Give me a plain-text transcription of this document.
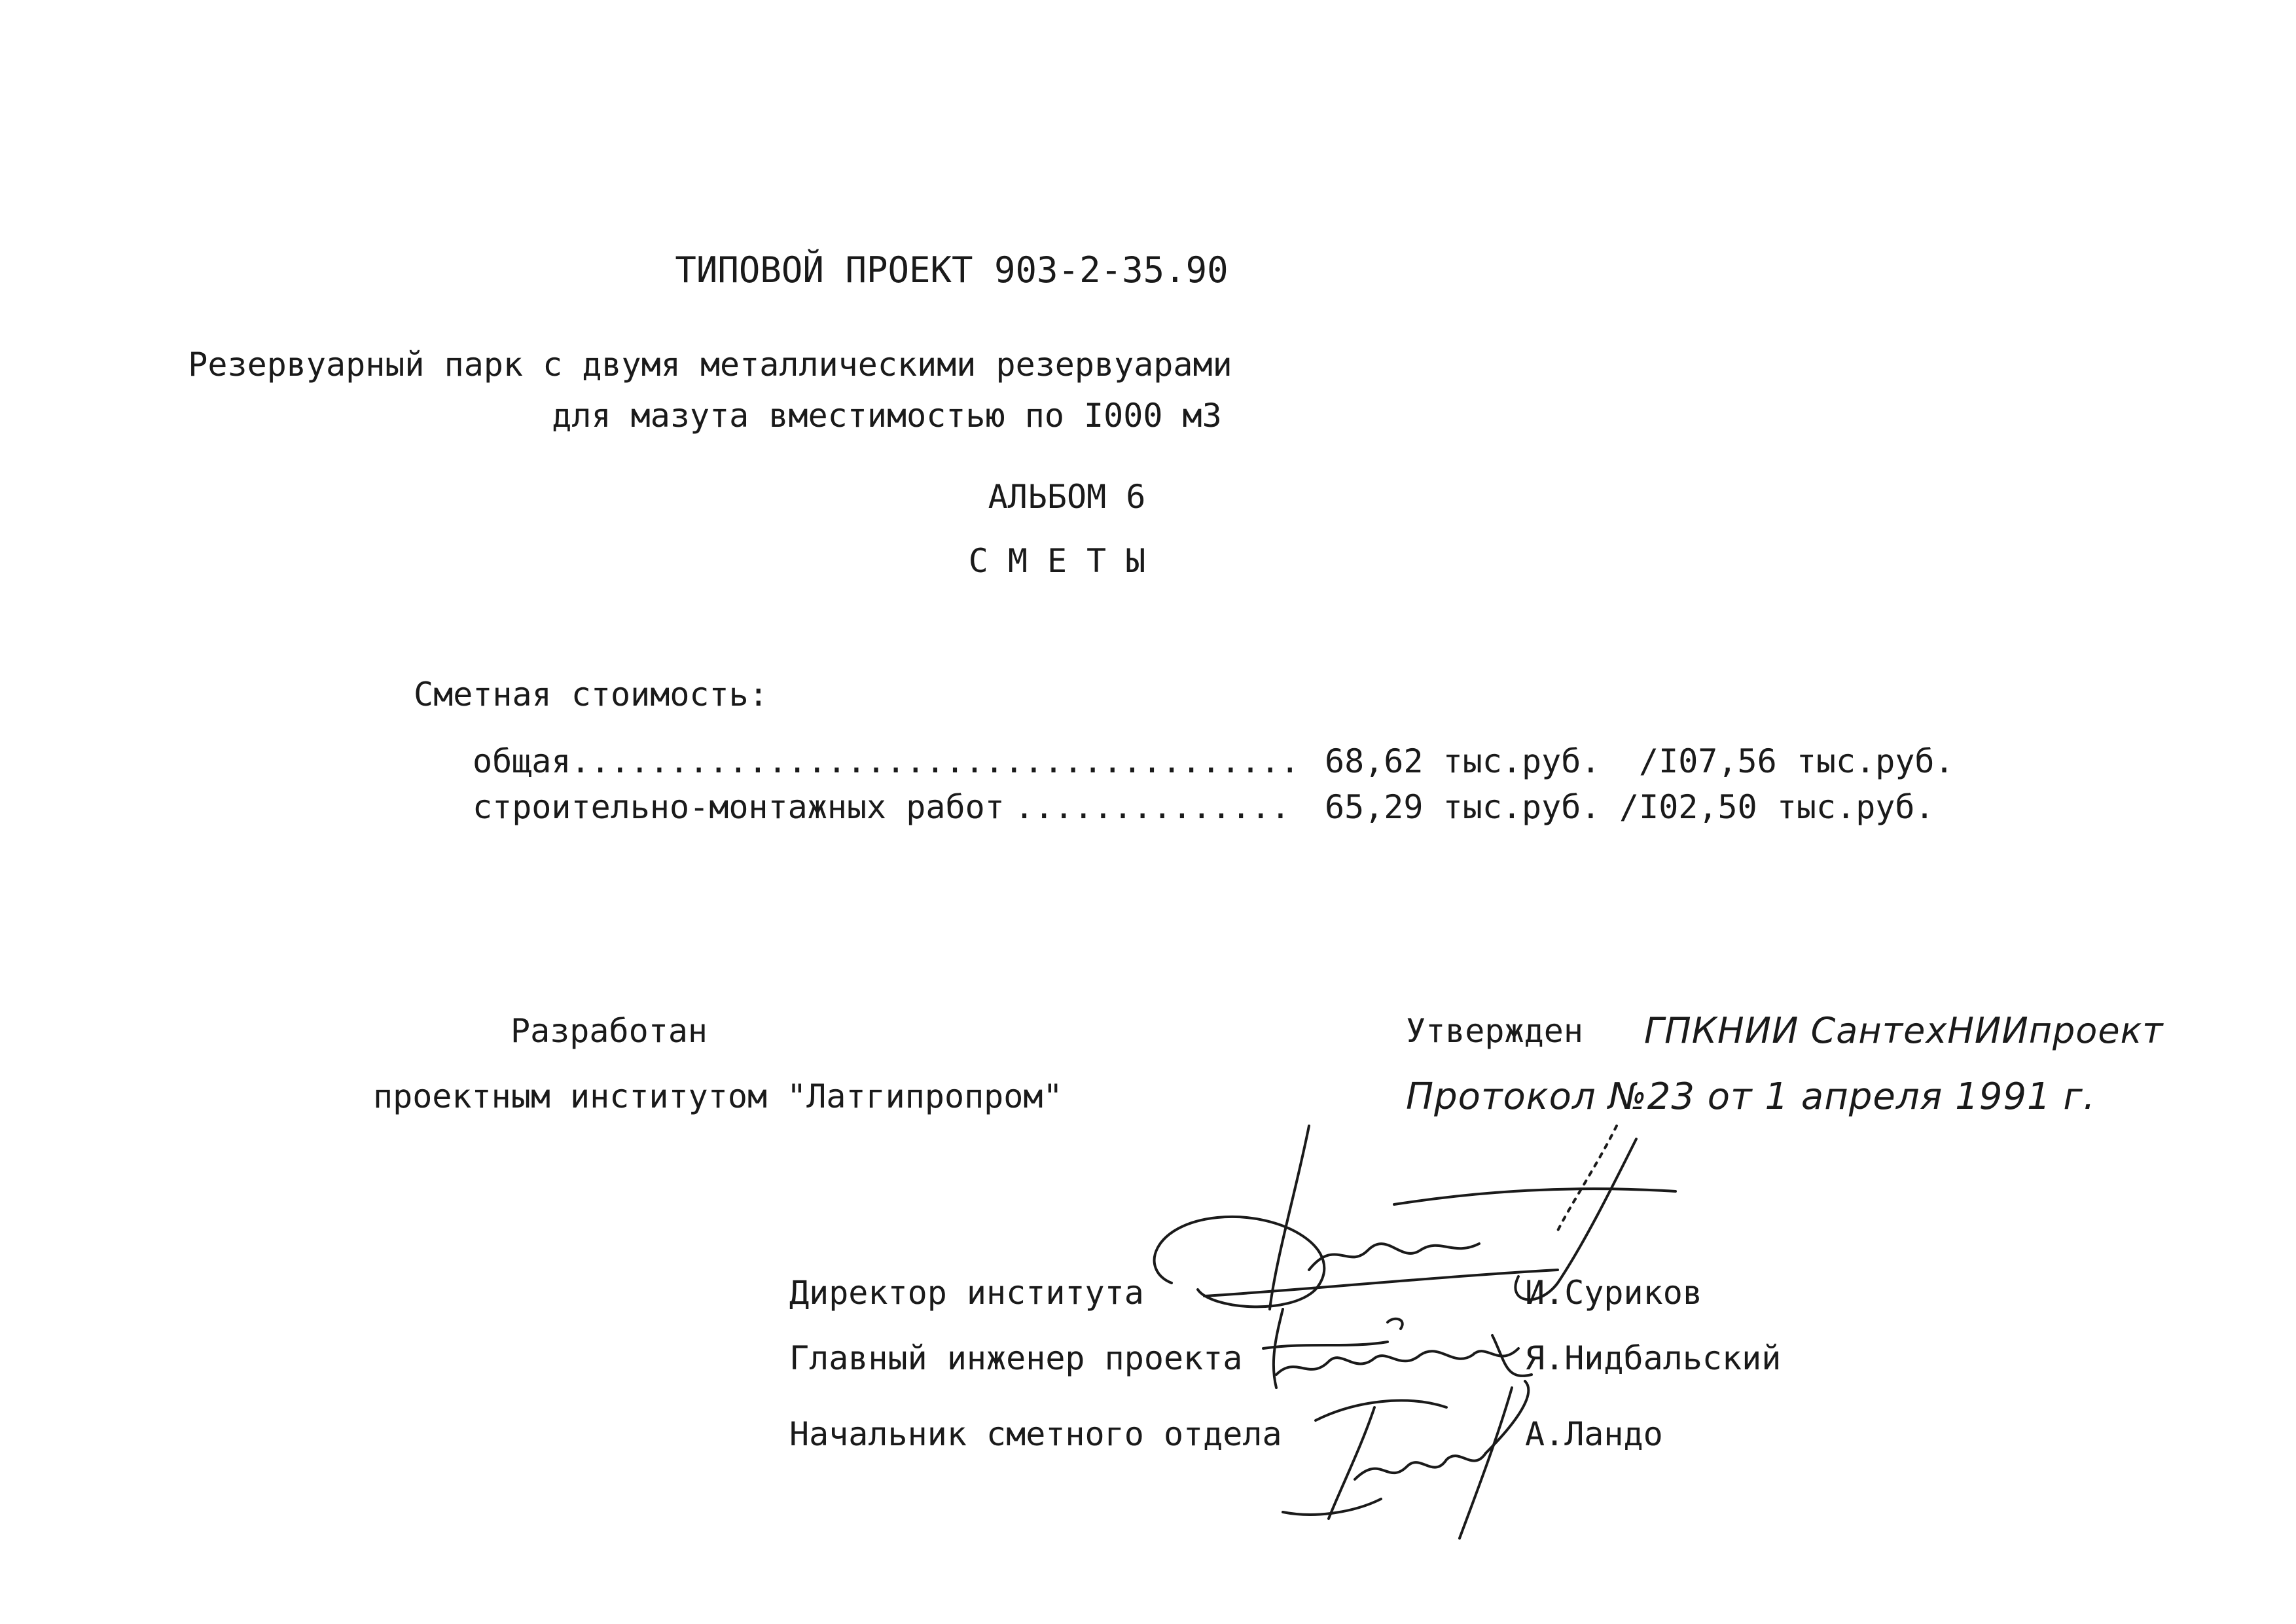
ТИПОВОЙ ПРОЕКТ 903-2-35.90
Резервуарный парк с двумя металлическими резервуарами
для мазута вместимостью по I000 м3
АЛЬБОМ 6
СМЕТЫ
Сметная стоимость:
общая ..................................... 68,62 тыс.руб. /I07,56 тыс.руб.
строительно-монтажных работ .............. 65,29 тыс.руб. /I02,50 тыс.руб.
Разработан
проектным институтом "Латгипропром"
Утвержден ГПКНИИ СантехНИИпроект
Протокол №23 от 1 апреля 1991 г.
Директор института	И.Суриков
Главный инженер проекта	Я.Нидбальский
Начальник сметного отдела	А.Ландо
